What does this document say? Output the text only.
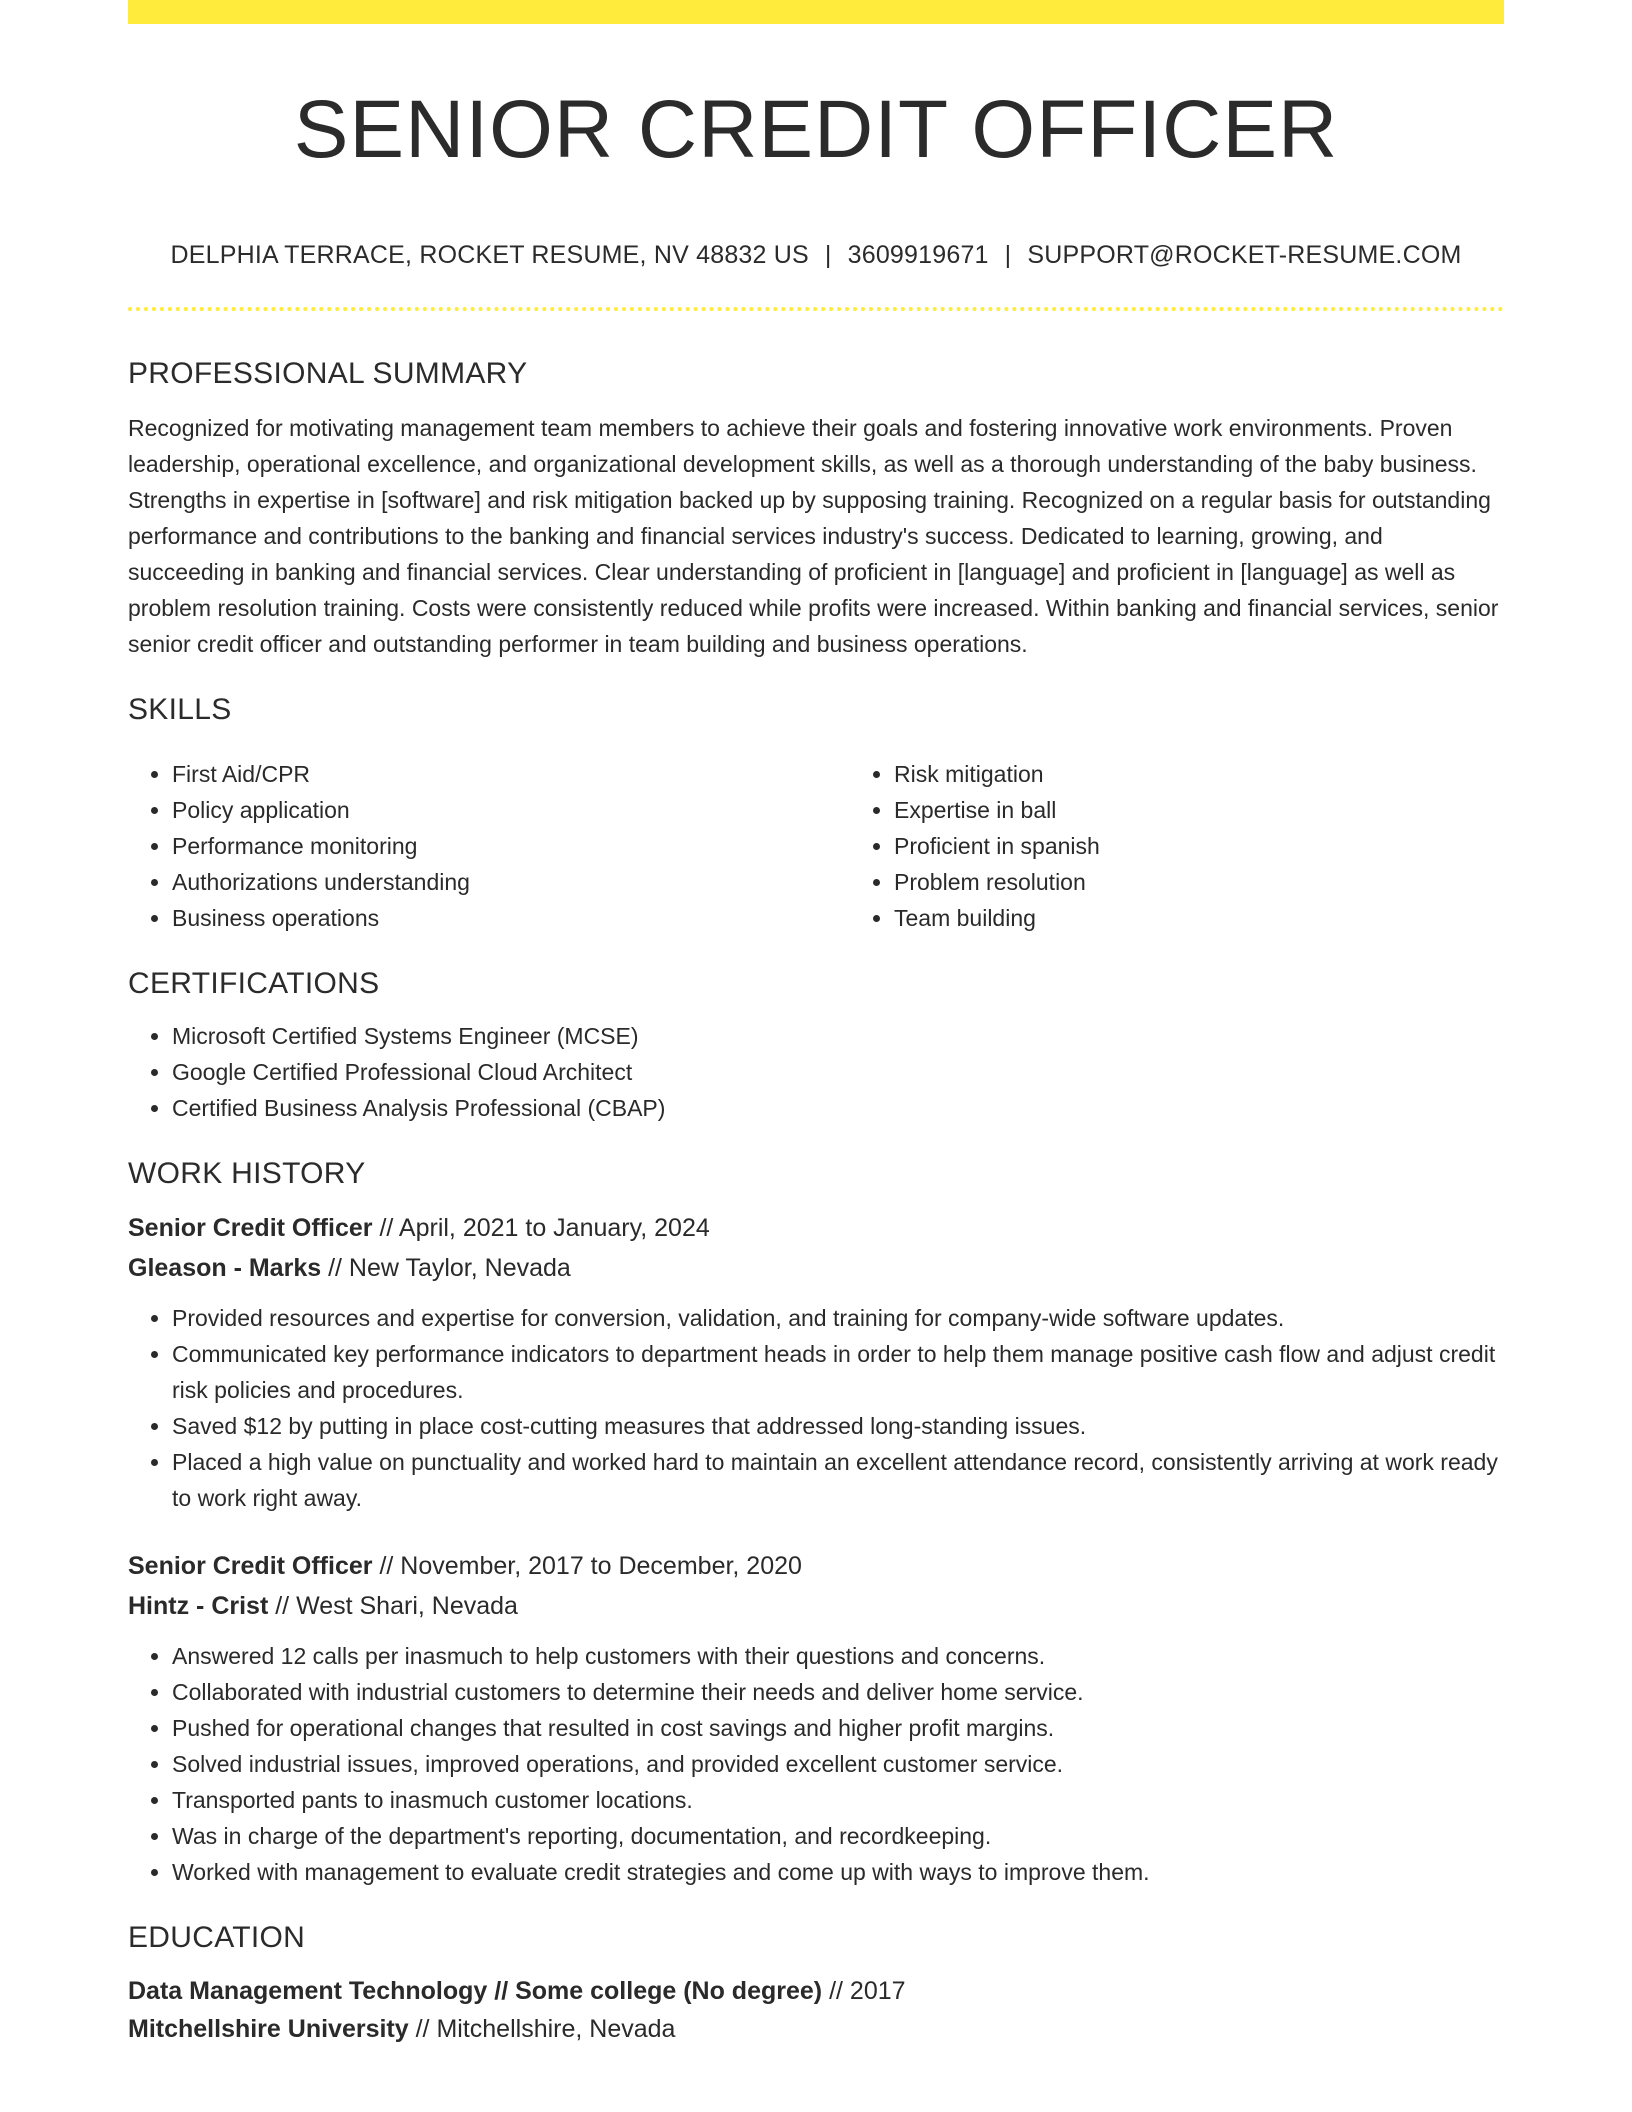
SENIOR CREDIT OFFICER
DELPHIA TERRACE, ROCKET RESUME, NV 48832 US | 3609919671 | SUPPORT@ROCKET-RESUME.COM
PROFESSIONAL SUMMARY

Recognized for motivating management team members to achieve their goals and fostering innovative work environments. Proven leadership, operational excellence, and organizational development skills, as well as a thorough understanding of the baby business. Strengths in expertise in [software] and risk mitigation backed up by supposing training. Recognized on a regular basis for outstanding performance and contributions to the banking and financial services industry's success. Dedicated to learning, growing, and succeeding in banking and financial services. Clear understanding of proficient in [language] and proficient in [language] as well as problem resolution training. Costs were consistently reduced while profits were increased. Within banking and financial services, senior senior credit officer and outstanding performer in team building and business operations.

SKILLS
• First Aid/CPR
• Policy application
• Performance monitoring
• Authorizations understanding
• Business operations
• Risk mitigation
• Expertise in ball
• Proficient in spanish
• Problem resolution
• Team building
CERTIFICATIONS
• Microsoft Certified Systems Engineer (MCSE)
• Google Certified Professional Cloud Architect
• Certified Business Analysis Professional (CBAP)
WORK HISTORY
Senior Credit Officer // April, 2021 to January, 2024
Gleason - Marks // New Taylor, Nevada
• Provided resources and expertise for conversion, validation, and training for company-wide software updates.
• Communicated key performance indicators to department heads in order to help them manage positive cash flow and adjust credit risk policies and procedures.
• Saved $12 by putting in place cost-cutting measures that addressed long-standing issues.
• Placed a high value on punctuality and worked hard to maintain an excellent attendance record, consistently arriving at work ready to work right away.
Senior Credit Officer // November, 2017 to December, 2020
Hintz - Crist // West Shari, Nevada
• Answered 12 calls per inasmuch to help customers with their questions and concerns.
• Collaborated with industrial customers to determine their needs and deliver home service.
• Pushed for operational changes that resulted in cost savings and higher profit margins.
• Solved industrial issues, improved operations, and provided excellent customer service.
• Transported pants to inasmuch customer locations.
• Was in charge of the department's reporting, documentation, and recordkeeping.
• Worked with management to evaluate credit strategies and come up with ways to improve them.
EDUCATION
Data Management Technology // Some college (No degree) // 2017
Mitchellshire University // Mitchellshire, Nevada
